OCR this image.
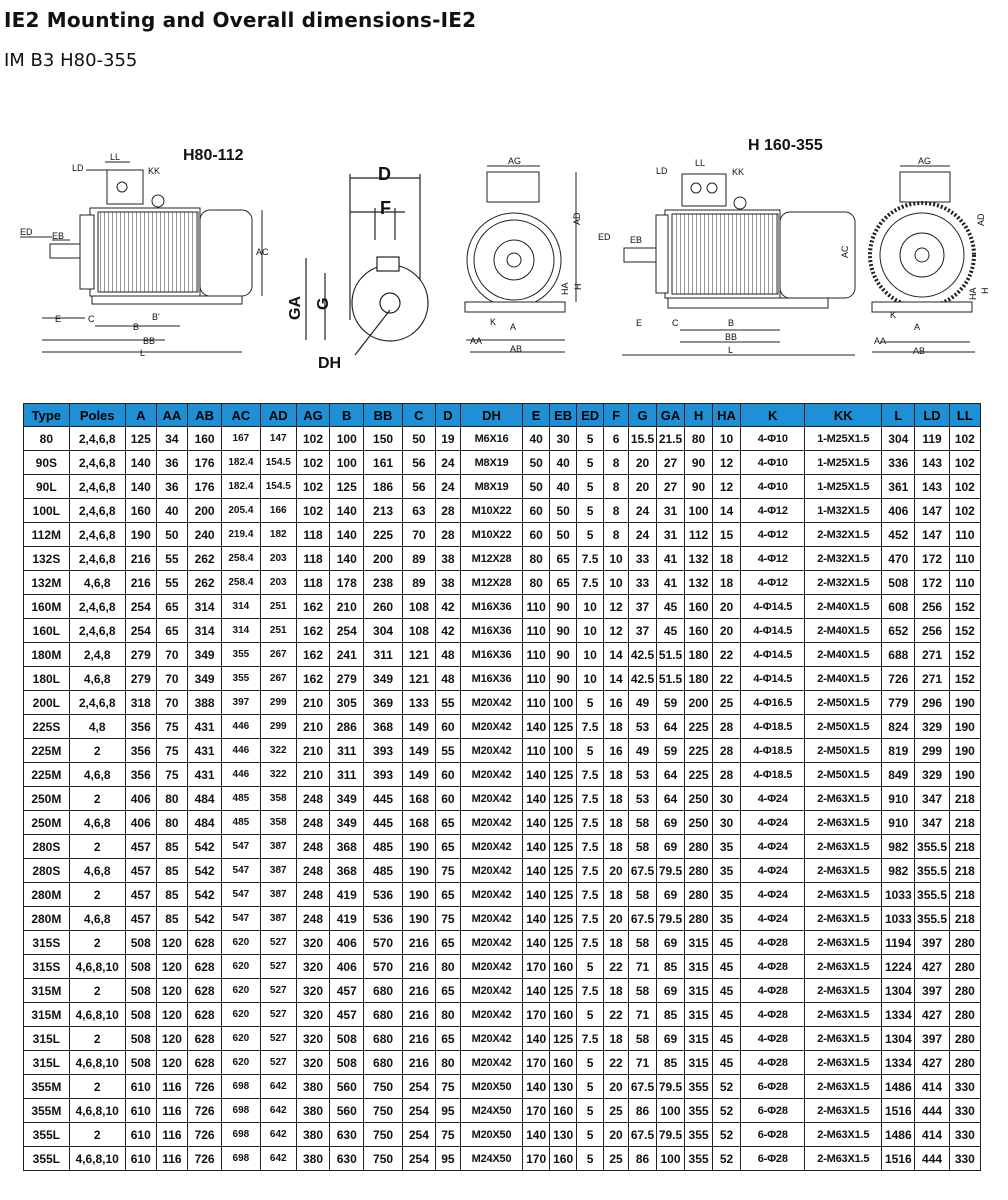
IE2 Mounting and Overall dimensions-IE2
IM B3 H80-355
H80-112
LD
LL
KK
ED EB
AC
E	C
B
B'
BB
L
D
F
GA G
DH
AG
AD
HA H
K A
AA
AB
H 160-355
LD
LL
KK
ED EB
AC
E	C	B
BB
L
AG
AD
HA H
K
A
AA
AB
Type	Poles	A	AA	AB	AC	AD	AG	B	BB	C	D	DH	E	EB	ED	F	G	GA	H	HA	K	KK	L	LD	LL
80	2,4,6,8	125	34	160	167	147	102	100	150	50	19	M6X16	40	30	5	6	15.5	21.5	80	10	4-Φ10	1-M25X1.5	304	119	102
90S	2,4,6,8	140	36	176	182.4	154.5	102	100	161	56	24	M8X19	50	40	5	8	20	27	90	12	4-Φ10	1-M25X1.5	336	143	102
90L	2,4,6,8	140	36	176	182.4	154.5	102	125	186	56	24	M8X19	50	40	5	8	20	27	90	12	4-Φ10	1-M25X1.5	361	143	102
100L	2,4,6,8	160	40	200	205.4	166	102	140	213	63	28	M10X22	60	50	5	8	24	31	100	14	4-Φ12	1-M32X1.5	406	147	102
112M	2,4,6,8	190	50	240	219.4	182	118	140	225	70	28	M10X22	60	50	5	8	24	31	112	15	4-Φ12	2-M32X1.5	452	147	110
132S	2,4,6,8	216	55	262	258.4	203	118	140	200	89	38	M12X28	80	65	7.5	10	33	41	132	18	4-Φ12	2-M32X1.5	470	172	110
132M	4,6,8	216	55	262	258.4	203	118	178	238	89	38	M12X28	80	65	7.5	10	33	41	132	18	4-Φ12	2-M32X1.5	508	172	110
160M	2,4,6,8	254	65	314	314	251	162	210	260	108	42	M16X36	110	90	10	12	37	45	160	20	4-Φ14.5	2-M40X1.5	608	256	152
160L	2,4,6,8	254	65	314	314	251	162	254	304	108	42	M16X36	110	90	10	12	37	45	160	20	4-Φ14.5	2-M40X1.5	652	256	152
180M	2,4,8	279	70	349	355	267	162	241	311	121	48	M16X36	110	90	10	14	42.5	51.5	180	22	4-Φ14.5	2-M40X1.5	688	271	152
180L	4,6,8	279	70	349	355	267	162	279	349	121	48	M16X36	110	90	10	14	42.5	51.5	180	22	4-Φ14.5	2-M40X1.5	726	271	152
200L	2,4,6,8	318	70	388	397	299	210	305	369	133	55	M20X42	110	100	5	16	49	59	200	25	4-Φ16.5	2-M50X1.5	779	296	190
225S	4,8	356	75	431	446	299	210	286	368	149	60	M20X42	140	125	7.5	18	53	64	225	28	4-Φ18.5	2-M50X1.5	824	329	190
225M	2	356	75	431	446	322	210	311	393	149	55	M20X42	110	100	5	16	49	59	225	28	4-Φ18.5	2-M50X1.5	819	299	190
225M	4,6,8	356	75	431	446	322	210	311	393	149	60	M20X42	140	125	7.5	18	53	64	225	28	4-Φ18.5	2-M50X1.5	849	329	190
250M	2	406	80	484	485	358	248	349	445	168	60	M20X42	140	125	7.5	18	53	64	250	30	4-Φ24	2-M63X1.5	910	347	218
250M	4,6,8	406	80	484	485	358	248	349	445	168	65	M20X42	140	125	7.5	18	58	69	250	30	4-Φ24	2-M63X1.5	910	347	218
280S	2	457	85	542	547	387	248	368	485	190	65	M20X42	140	125	7.5	18	58	69	280	35	4-Φ24	2-M63X1.5	982	355.5	218
280S	4,6,8	457	85	542	547	387	248	368	485	190	75	M20X42	140	125	7.5	20	67.5	79.5	280	35	4-Φ24	2-M63X1.5	982	355.5	218
280M	2	457	85	542	547	387	248	419	536	190	65	M20X42	140	125	7.5	18	58	69	280	35	4-Φ24	2-M63X1.5	1033	355.5	218
280M	4,6,8	457	85	542	547	387	248	419	536	190	75	M20X42	140	125	7.5	20	67.5	79.5	280	35	4-Φ24	2-M63X1.5	1033	355.5	218
315S	2	508	120	628	620	527	320	406	570	216	65	M20X42	140	125	7.5	18	58	69	315	45	4-Φ28	2-M63X1.5	1194	397	280
315S	4,6,8,10	508	120	628	620	527	320	406	570	216	80	M20X42	170	160	5	22	71	85	315	45	4-Φ28	2-M63X1.5	1224	427	280
315M	2	508	120	628	620	527	320	457	680	216	65	M20X42	140	125	7.5	18	58	69	315	45	4-Φ28	2-M63X1.5	1304	397	280
315M	4,6,8,10	508	120	628	620	527	320	457	680	216	80	M20X42	170	160	5	22	71	85	315	45	4-Φ28	2-M63X1.5	1334	427	280
315L	2	508	120	628	620	527	320	508	680	216	65	M20X42	140	125	7.5	18	58	69	315	45	4-Φ28	2-M63X1.5	1304	397	280
315L	4,6,8,10	508	120	628	620	527	320	508	680	216	80	M20X42	170	160	5	22	71	85	315	45	4-Φ28	2-M63X1.5	1334	427	280
355M	2	610	116	726	698	642	380	560	750	254	75	M20X50	140	130	5	20	67.5	79.5	355	52	6-Φ28	2-M63X1.5	1486	414	330
355M	4,6,8,10	610	116	726	698	642	380	560	750	254	95	M24X50	170	160	5	25	86	100	355	52	6-Φ28	2-M63X1.5	1516	444	330
355L	2	610	116	726	698	642	380	630	750	254	75	M20X50	140	130	5	20	67.5	79.5	355	52	6-Φ28	2-M63X1.5	1486	414	330
355L	4,6,8,10	610	116	726	698	642	380	630	750	254	95	M24X50	170	160	5	25	86	100	355	52	6-Φ28	2-M63X1.5	1516	444	330
